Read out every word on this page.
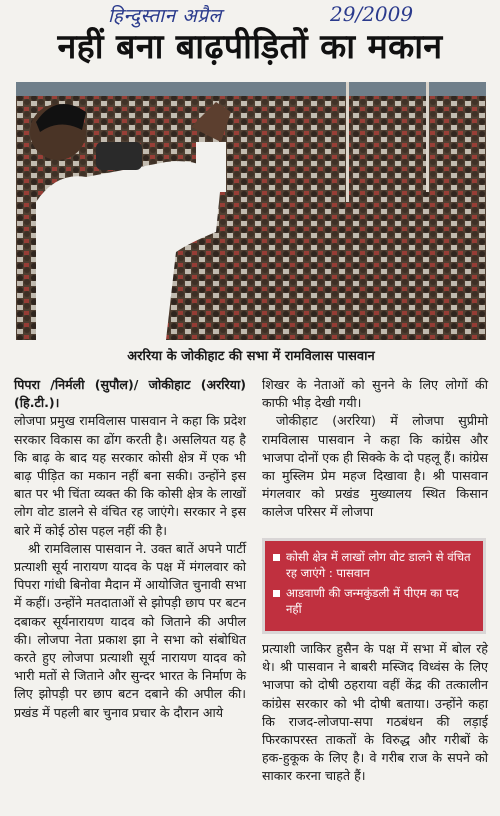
हिन्दुस्तान अप्रैल	29/2009
नहीं बना बाढ़पीड़ितों का मकान
अररिया के जोकीहाट की सभा में रामविलास पासवान

पिपरा /निर्मली (सुपौल)/ जोकीहाट (अररिया) (हि.टी.)।

लोजपा प्रमुख रामविलास पासवान ने कहा कि प्रदेश सरकार विकास का ढोंग करती है। असलियत यह है कि बाढ़ के बाद यह सरकार कोसी क्षेत्र में एक भी बाढ़ पीड़ित का मकान नहीं बना सकी। उन्होंने इस बात पर भी चिंता व्यक्त की कि कोसी क्षेत्र के लाखों लोग वोट डालने से वंचित रह जाएंगे। सरकार ने इस बारे में कोई ठोस पहल नहीं की है।

श्री रामविलास पासवान ने. उक्त बातें अपने पार्टी प्रत्याशी सूर्य नारायण यादव के पक्ष में मंगलवार को पिपरा गांधी बिनोवा मैदान में आयोजित चुनावी सभा में कहीं। उन्होंने मतदाताओं से झोपड़ी छाप पर बटन दबाकर सूर्यनारायण यादव को जिताने की अपील की। लोजपा नेता प्रकाश झा ने सभा को संबोधित करते हुए लोजपा प्रत्याशी सूर्य नारायण यादव को भारी मतों से जिताने और सुन्दर भारत के निर्माण के लिए झोपड़ी पर छाप बटन दबाने की अपील की। प्रखंड में पहली बार चुनाव प्रचार के दौरान आये

शिखर के नेताओं को सुनने के लिए लोगों की काफी भीड़ देखी गयी।

जोकीहाट (अररिया) में लोजपा सुप्रीमो रामविलास पासवान ने कहा कि कांग्रेस और भाजपा दोनों एक ही सिक्के के दो पहलू हैं। कांग्रेस का मुस्लिम प्रेम महज दिखावा है। श्री पासवान मंगलवार को प्रखंड मुख्यालय स्थित किसान कालेज परिसर में लोजपा

कोसी क्षेत्र में लाखों लोग वोट डालने से वंचित रह जाएंगे : पासवान
आडवाणी की जन्मकुंडली में पीएम का पद नहीं

प्रत्याशी जाकिर हुसैन के पक्ष में सभा में बोल रहे थे। श्री पासवान ने बाबरी मस्जिद विध्वंस के लिए भाजपा को दोषी ठहराया वहीं केंद्र की तत्कालीन कांग्रेस सरकार को भी दोषी बताया। उन्होंने कहा कि राजद-लोजपा-सपा गठबंधन की लड़ाई फिरकापरस्त ताकतों के विरुद्ध और गरीबों के हक-हुकूक के लिए है। वे गरीब राज के सपने को साकार करना चाहते हैं।
